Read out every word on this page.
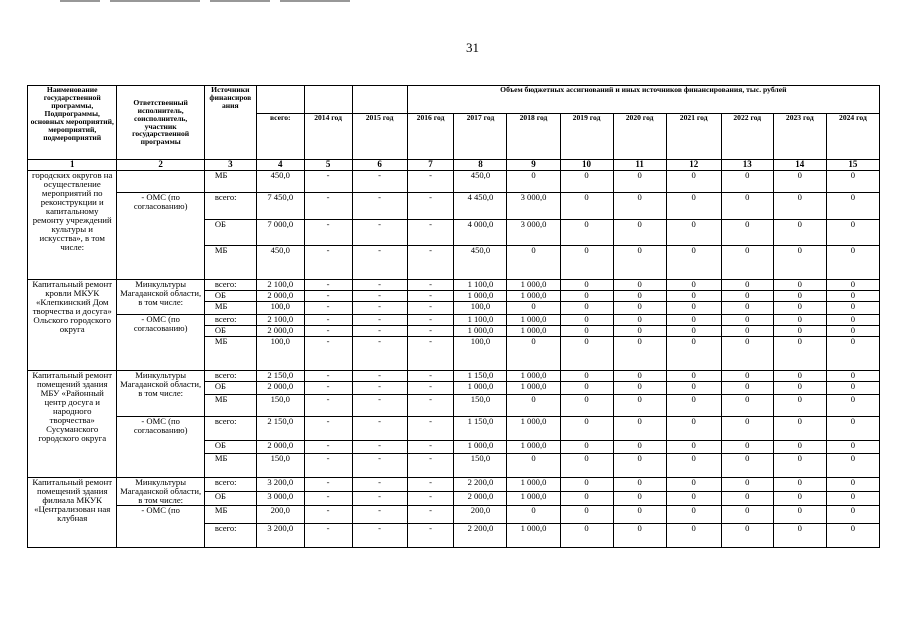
31
Наименование государственной программы, Подпрограммы, основных мероприятий, мероприятий, подмероприятий	Ответственный исполнитель, соисполнитель, участник государственной программы	Источники финансиров ания				Объем бюджетных ассигнований и иных источников финансирования, тыс. рублей								
			всего:	2014 год	2015 год	2016 год	2017 год	2018 год	2019 год	2020 год	2021 год	2022 год	2023 год	2024 год
1	2	3	4	5	6	7	8	9	10	11	12	13	14	15
городских округов на осуществление мероприятий по реконструкции и капитальному ремонту учреждений культуры и искусства», в том числе:		МБ	450,0	-	-	-	450,0	0	0	0	0	0	0	0
	- ОМС (по согласованию)	всего:	7 450,0	-	-	-	4 450,0	3 000,0	0	0	0	0	0	0
		ОБ	7 000,0	-	-	-	4 000,0	3 000,0	0	0	0	0	0	0
		МБ	450,0	-	-	-	450,0	0	0	0	0	0	0	0
Капитальный ремонт кровли МКУК «Клепкинский Дом творчества и досуга» Ольского городского округа	Минкультуры Магаданской области, в том числе:	всего:	2 100,0	-	-	-	1 100,0	1 000,0	0	0	0	0	0	0
		ОБ	2 000,0	-	-	-	1 000,0	1 000,0	0	0	0	0	0	0
		МБ	100,0	-	-	-	100,0	0	0	0	0	0	0	0
	- ОМС (по согласованию)	всего:	2 100,0	-	-	-	1 100,0	1 000,0	0	0	0	0	0	0
		ОБ	2 000,0	-	-	-	1 000,0	1 000,0	0	0	0	0	0	0
		МБ	100,0	-	-	-	100,0	0	0	0	0	0	0	0
Капитальный ремонт помещений здания МБУ «Районный центр досуга и народного творчества» Сусуманского городского округа	Минкультуры Магаданской области, в том числе:	всего:	2 150,0	-	-	-	1 150,0	1 000,0	0	0	0	0	0	0
		ОБ	2 000,0	-	-	-	1 000,0	1 000,0	0	0	0	0	0	0
		МБ	150,0	-	-	-	150,0	0	0	0	0	0	0	0
	- ОМС (по согласованию)	всего:	2 150,0	-	-	-	1 150,0	1 000,0	0	0	0	0	0	0
		ОБ	2 000,0	-	-	-	1 000,0	1 000,0	0	0	0	0	0	0
		МБ	150,0	-	-	-	150,0	0	0	0	0	0	0	0
Капитальный ремонт помещений здания филиала МКУК «Централизован ная клубная	Минкультуры Магаданской области, в том числе:	всего:	3 200,0	-	-	-	2 200,0	1 000,0	0	0	0	0	0	0
		ОБ	3 000,0	-	-	-	2 000,0	1 000,0	0	0	0	0	0	0
	- ОМС (по	МБ	200,0	-	-	-	200,0	0	0	0	0	0	0	0
		всего:	3 200,0	-	-	-	2 200,0	1 000,0	0	0	0	0	0	0
